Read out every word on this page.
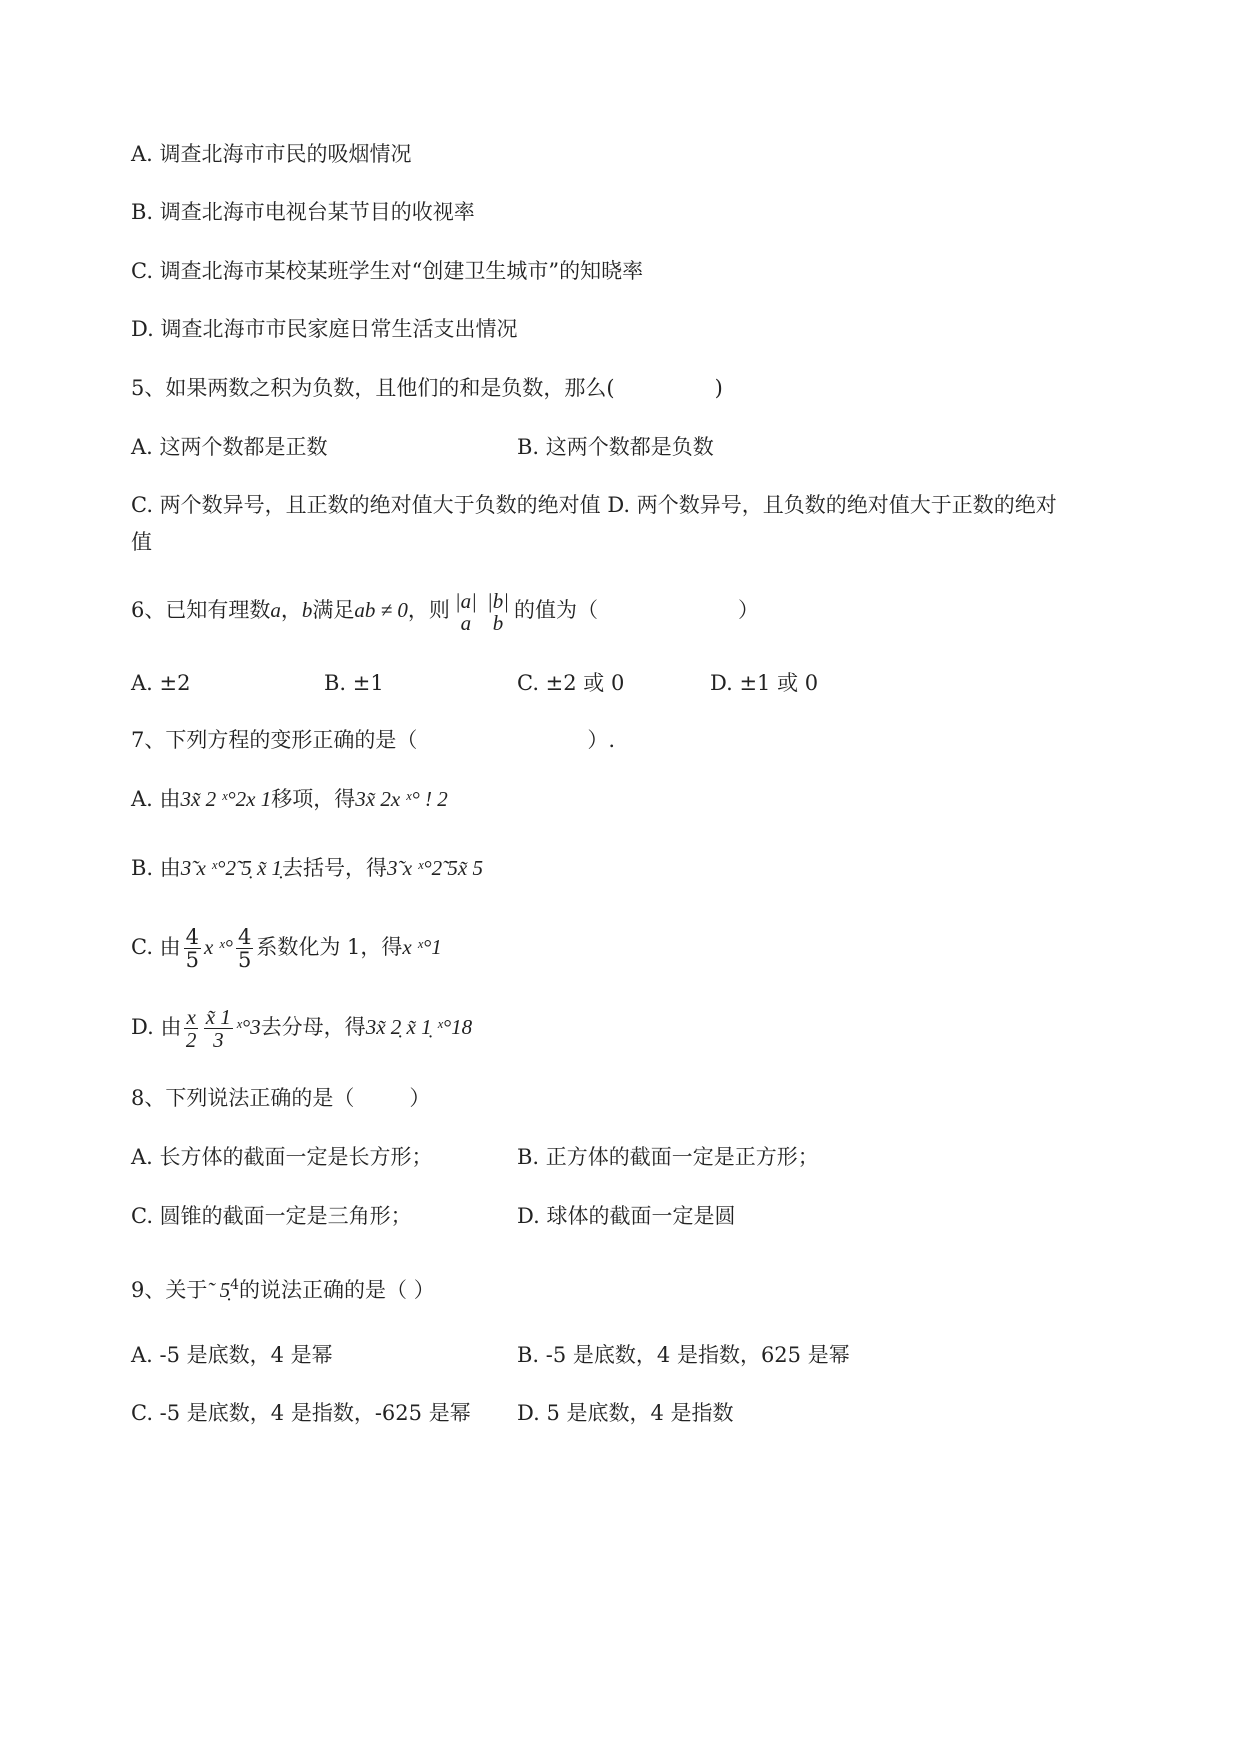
A. 调查北海市市民的吸烟情况
B. 调查北海市电视台某节目的收视率
C. 调查北海市某校某班学生对“创建卫生城市”的知晓率
D. 调查北海市市民家庭日常生活支出情况
5、如果两数之积为负数，且他们的和是负数，那么(	)
A. 这两个数都是正数	B. 这两个数都是负数
C. 两个数异号，且正数的绝对值大于负数的绝对值 D. 两个数异号，且负数的绝对值大于正数的绝对
值
6、已知有理数a，b满足ab ≠ 0，则 |a|
a
|b|
b
的值为（	）
A. ±2	B. ±1	C. ±2 或 0	D. ±1 或 0
7、下列方程的变形正确的是（	）.
A. 由3x̃ 2 ˣ°2x 1移项，得3x̃ 2x ˣ° ! 2
B. 由3̃ x ˣ°2̃ 5̣ x̃ 1̣去括号，得3̃ x ˣ°2̃ 5x̃ 5
C. 由 $\frac{4}{5}$ x ˣ° $\frac{4}{5}$ 系数化为 1，得x ˣ°1
D. 由 $\frac{x}{2} \frac{x̃ 1}{3}$ ˣ°3去分母，得3x̃ 2̣ x̃ 1̣ ˣ°18
8、下列说法正确的是（	）
A. 长方体的截面一定是长方形；	B. 正方体的截面一定是正方形；
C. 圆锥的截面一定是三角形；	D. 球体的截面一定是圆
9、关于˜ 5̣$^4$的说法正确的是（ ）
A. -5 是底数，4 是幂	B. -5 是底数，4 是指数，625 是幂
C. -5 是底数，4 是指数，-625 是幂 D. 5 是底数，4 是指数
